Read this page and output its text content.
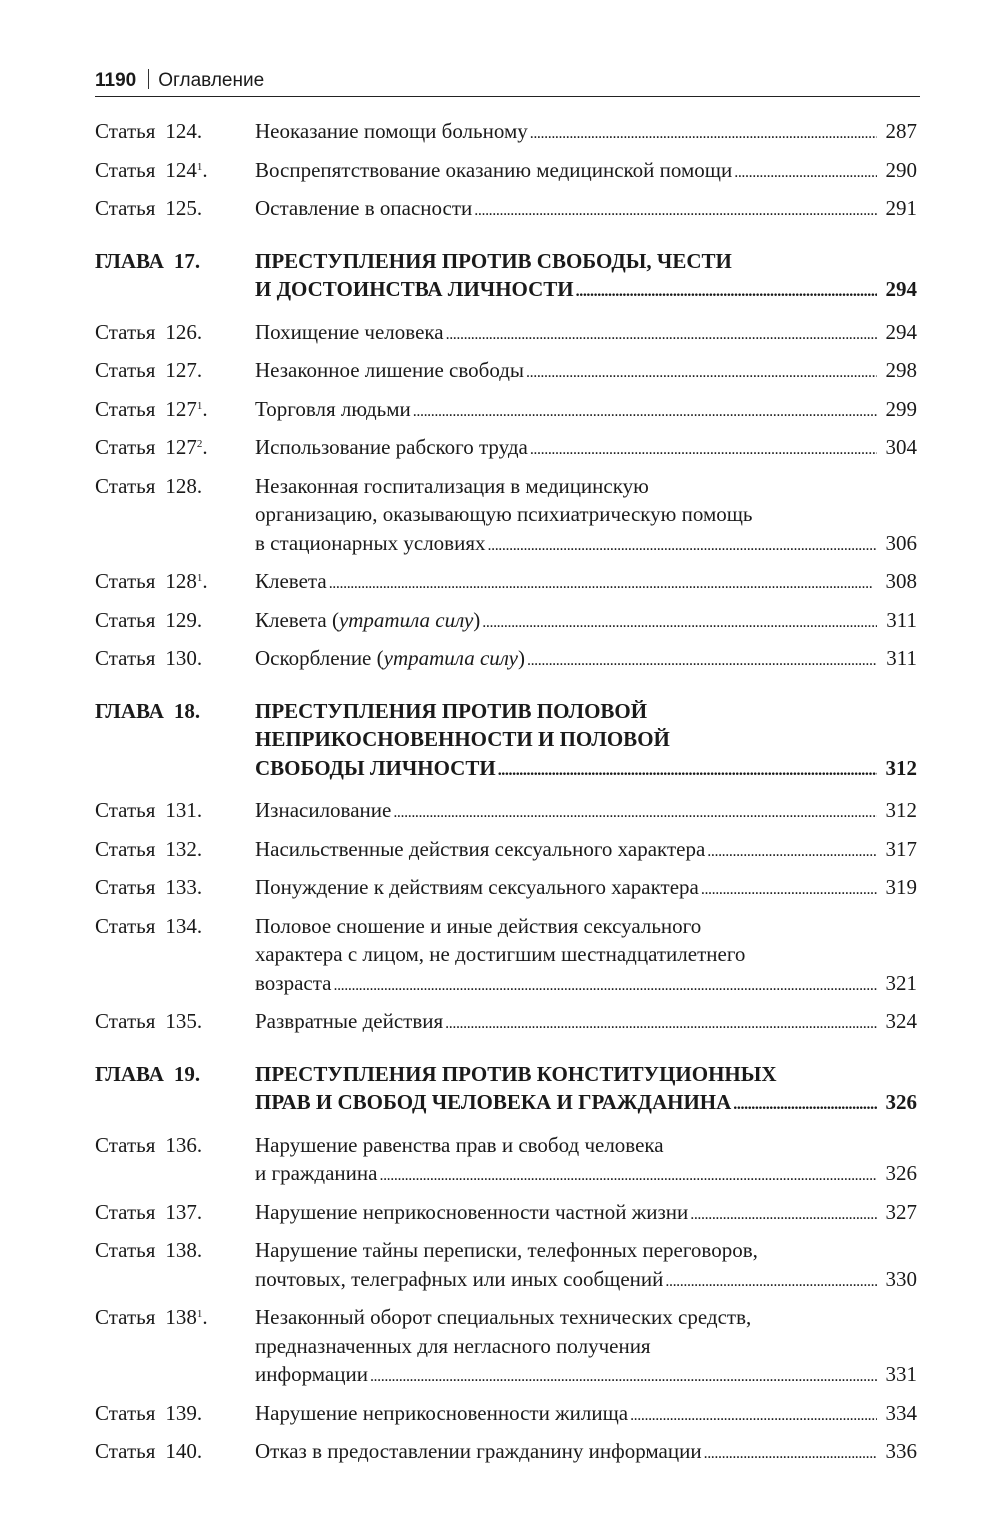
1190 Оглавление
Статья 124.	Неоказание помощи больному . . .	287
Статья $124^1$.	Воспрепятствование оказанию медицинской помощи . . .	290
Статья 125.	Оставление в опасности . . .	291
ГЛАВА 17.	ПРЕСТУПЛЕНИЯ ПРОТИВ СВОБОДЫ, ЧЕСТИ
И ДОСТОИНСТВА ЛИЧНОСТИ . . .	294
Статья 126.	Похищение человека . . .	294
Статья 127.	Незаконное лишение свободы . . .	298
Статья $127^1$.	Торговля людьми . . .	299
Статья $127^2$.	Использование рабского труда . . .	304
Статья 128.	Незаконная госпитализация в медицинскую
организацию, оказывающую психиатрическую помощь
в стационарных условиях . . .	306
Статья $128^1$.	Клевета . . .	308
Статья 129.	Клевета (утратила силу) . . .	311
Статья 130.	Оскорбление (утратила силу) . . .	311
ГЛАВА 18.	ПРЕСТУПЛЕНИЯ ПРОТИВ ПОЛОВОЙ
НЕПРИКОСНОВЕННОСТИ И ПОЛОВОЙ
СВОБОДЫ ЛИЧНОСТИ . . .	312
Статья 131.	Изнасилование . . .	312
Статья 132.	Насильственные действия сексуального характера . . .	317
Статья 133.	Понуждение к действиям сексуального характера . . .	319
Статья 134.	Половое сношение и иные действия сексуального
характера с лицом, не достигшим шестнадцатилетнего
возраста . . .	321
Статья 135.	Развратные действия . . .	324
ГЛАВА 19.	ПРЕСТУПЛЕНИЯ ПРОТИВ КОНСТИТУЦИОННЫХ
ПРАВ И СВОБОД ЧЕЛОВЕКА И ГРАЖДАНИНА . . .	326
Статья 136.	Нарушение равенства прав и свобод человека
и гражданина . . .	326
Статья 137.	Нарушение неприкосновенности частной жизни . . .	327
Статья 138.	Нарушение тайны переписки, телефонных переговоров,
почтовых, телеграфных или иных сообщений . . .	330
Статья $138^1$.	Незаконный оборот специальных технических средств,
предназначенных для негласного получения
информации . . .	331
Статья 139.	Нарушение неприкосновенности жилища . . .	334
Статья 140.	Отказ в предоставлении гражданину информации . . .	336
